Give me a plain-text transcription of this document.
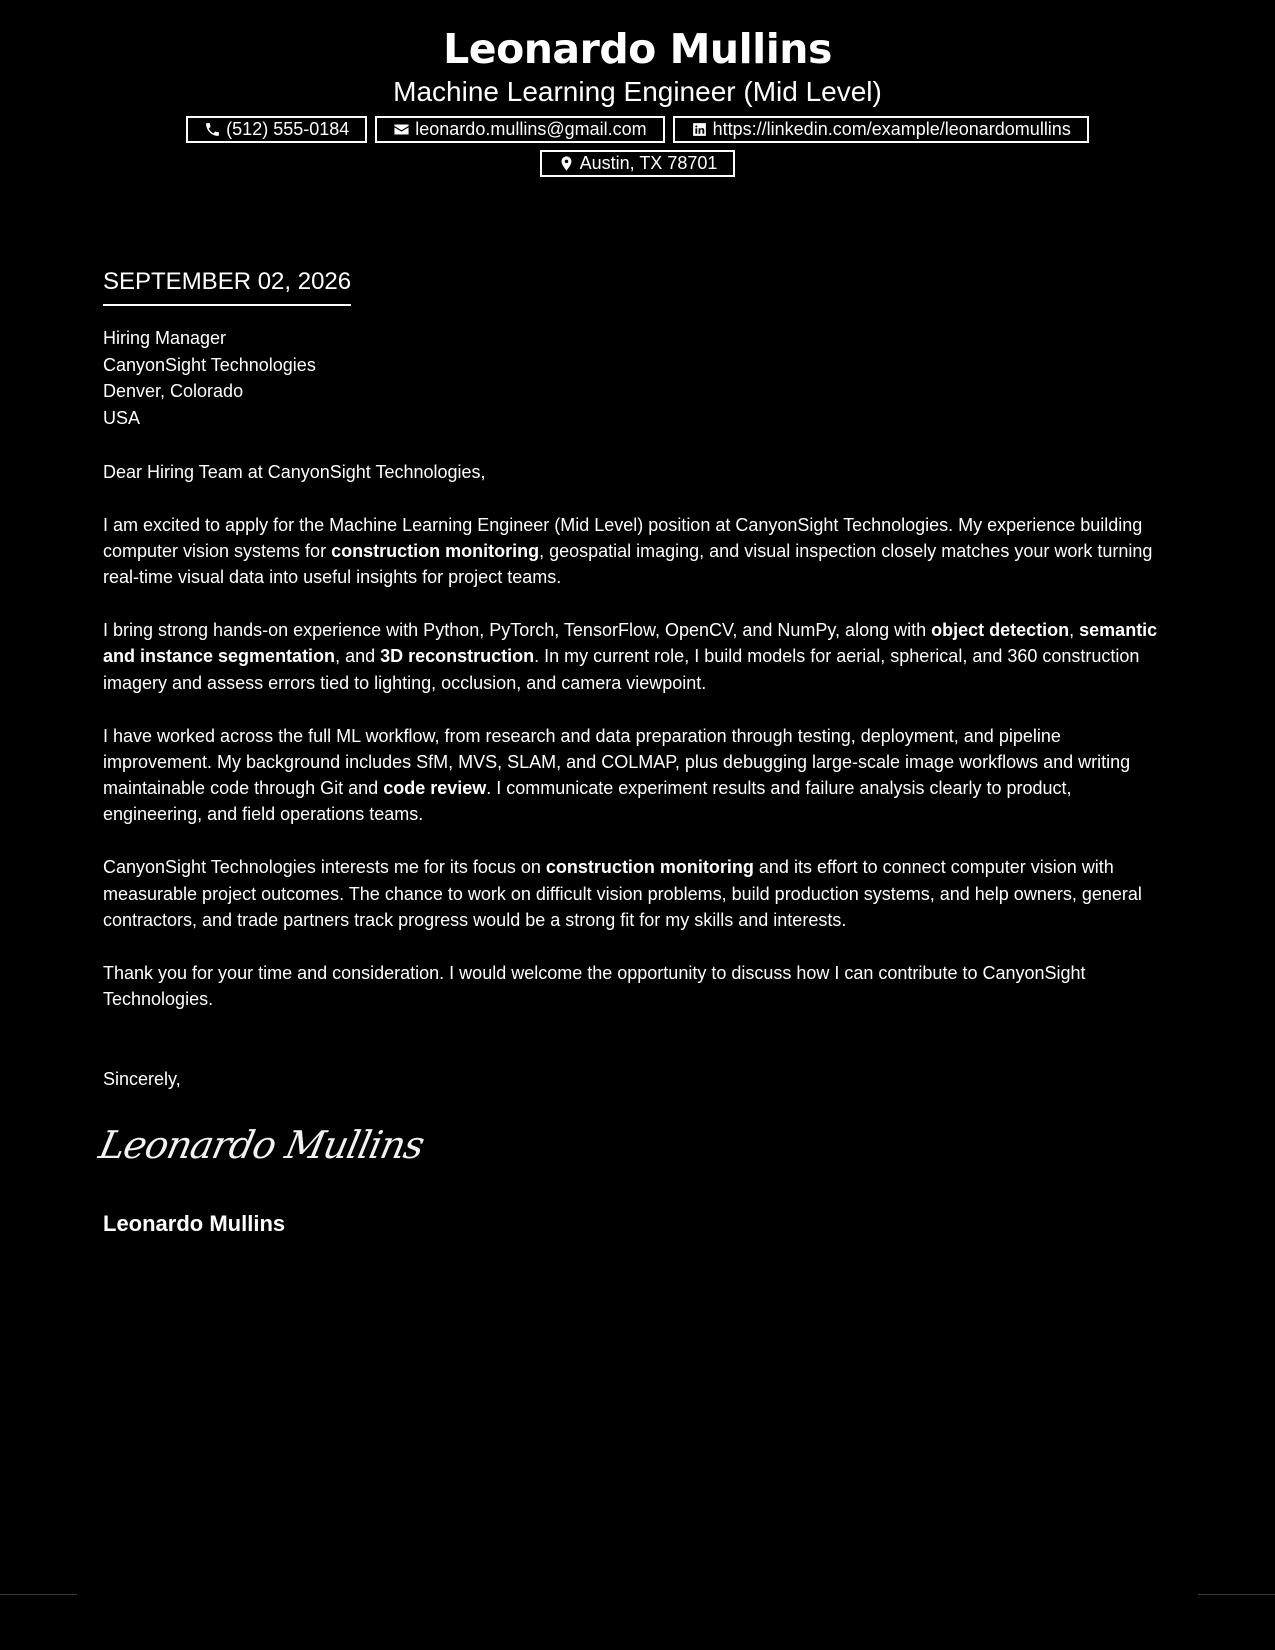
Leonardo Mullins
Machine Learning Engineer (Mid Level)
(512) 555-0184	leonardo.mullins@gmail.com	https://linkedin.com/example/leonardomullins
Austin, TX 78701
SEPTEMBER 02, 2026
Hiring Manager
CanyonSight Technologies
Denver, Colorado
USA

Dear Hiring Team at CanyonSight Technologies,

I am excited to apply for the Machine Learning Engineer (Mid Level) position at CanyonSight Technologies. My experience building computer vision systems for construction monitoring, geospatial imaging, and visual inspection closely matches your work turning real-time visual data into useful insights for project teams.

I bring strong hands-on experience with Python, PyTorch, TensorFlow, OpenCV, and NumPy, along with object detection, semantic and instance segmentation, and 3D reconstruction. In my current role, I build models for aerial, spherical, and 360 construction imagery and assess errors tied to lighting, occlusion, and camera viewpoint.

I have worked across the full ML workflow, from research and data preparation through testing, deployment, and pipeline improvement. My background includes SfM, MVS, SLAM, and COLMAP, plus debugging large-scale image workflows and writing maintainable code through Git and code review. I communicate experiment results and failure analysis clearly to product, engineering, and field operations teams.

CanyonSight Technologies interests me for its focus on construction monitoring and its effort to connect computer vision with measurable project outcomes. The chance to work on difficult vision problems, build production systems, and help owners, general contractors, and trade partners track progress would be a strong fit for my skills and interests.

Thank you for your time and consideration. I would welcome the opportunity to discuss how I can contribute to CanyonSight Technologies.

Sincerely,
Leonardo Mullins
Leonardo Mullins
